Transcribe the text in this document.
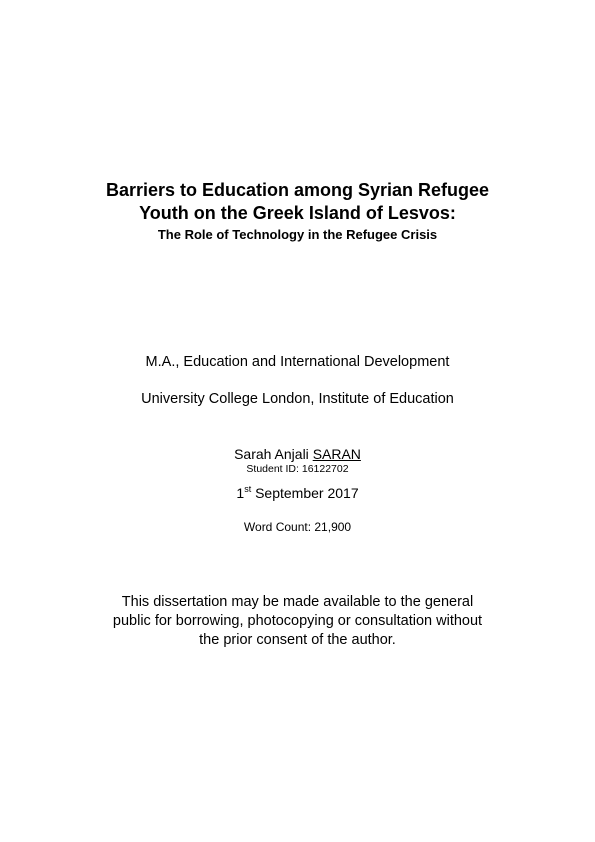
Barriers to Education among Syrian Refugee
Youth on the Greek Island of Lesvos:
The Role of Technology in the Refugee Crisis
M.A., Education and International Development
University College London, Institute of Education
Sarah Anjali SARAN
Student ID: 16122702
1st September 2017
Word Count: 21,900
This dissertation may be made available to the general
public for borrowing, photocopying or consultation without
the prior consent of the author.
